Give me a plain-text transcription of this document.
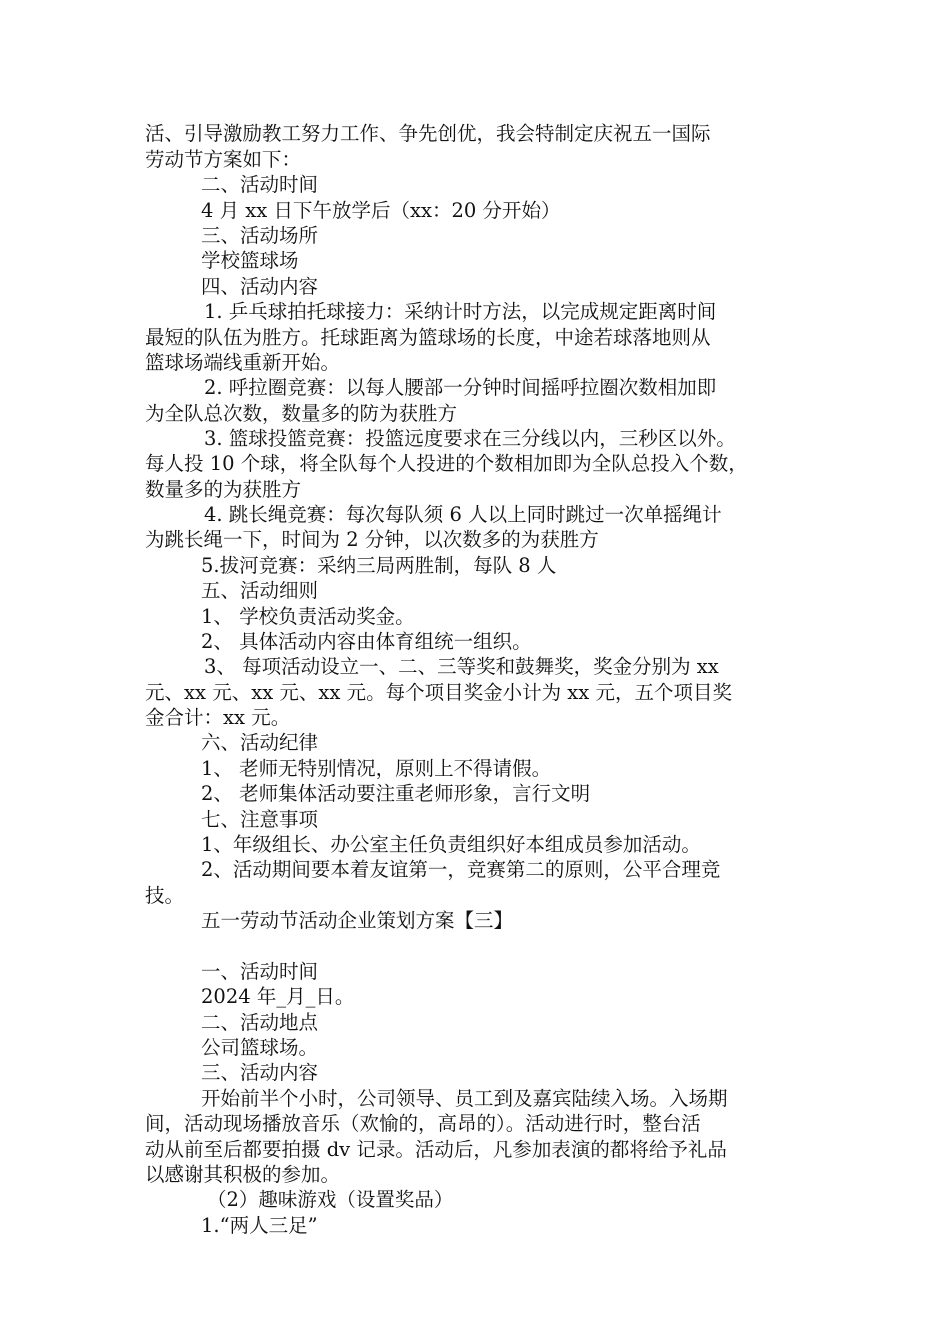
活、引导激励教工努力工作、争先创优，我会特制定庆祝五一国际
劳动节方案如下：
二、活动时间
4 月 xx 日下午放学后（xx：20 分开始）
三、活动场所
学校篮球场
四、活动内容
1. 乒乓球拍托球接力：采纳计时方法，以完成规定距离时间
最短的队伍为胜方。托球距离为篮球场的长度，中途若球落地则从
篮球场端线重新开始。
2. 呼拉圈竞赛：以每人腰部一分钟时间摇呼拉圈次数相加即
为全队总次数，数量多的防为获胜方
3. 篮球投篮竞赛：投篮远度要求在三分线以内，三秒区以外。
每人投 10 个球，将全队每个人投进的个数相加即为全队总投入个数，
数量多的为获胜方
4. 跳长绳竞赛：每次每队须 6 人以上同时跳过一次单摇绳计
为跳长绳一下，时间为 2 分钟，以次数多的为获胜方
5.拔河竞赛：采纳三局两胜制，每队 8 人
五、活动细则
1、 学校负责活动奖金。
2、 具体活动内容由体育组统一组织。
3、 每项活动设立一、二、三等奖和鼓舞奖，奖金分别为 xx
元、xx 元、xx 元、xx 元。每个项目奖金小计为 xx 元，五个项目奖
金合计：xx 元。
六、活动纪律
1、 老师无特别情况，原则上不得请假。
2、 老师集体活动要注重老师形象，言行文明
七、注意事项
1、年级组长、办公室主任负责组织好本组成员参加活动。
2、活动期间要本着友谊第一，竞赛第二的原则，公平合理竞
技。
五一劳动节活动企业策划方案【三】
一、活动时间
2024 年_月_日。
二、活动地点
公司篮球场。
三、活动内容
开始前半个小时，公司领导、员工到及嘉宾陆续入场。入场期
间，活动现场播放音乐（欢愉的，高昂的）。活动进行时，整台活
动从前至后都要拍摄 dv 记录。活动后，凡参加表演的都将给予礼品
以感谢其积极的参加。
（2）趣味游戏（设置奖品）
1.“两人三足”
